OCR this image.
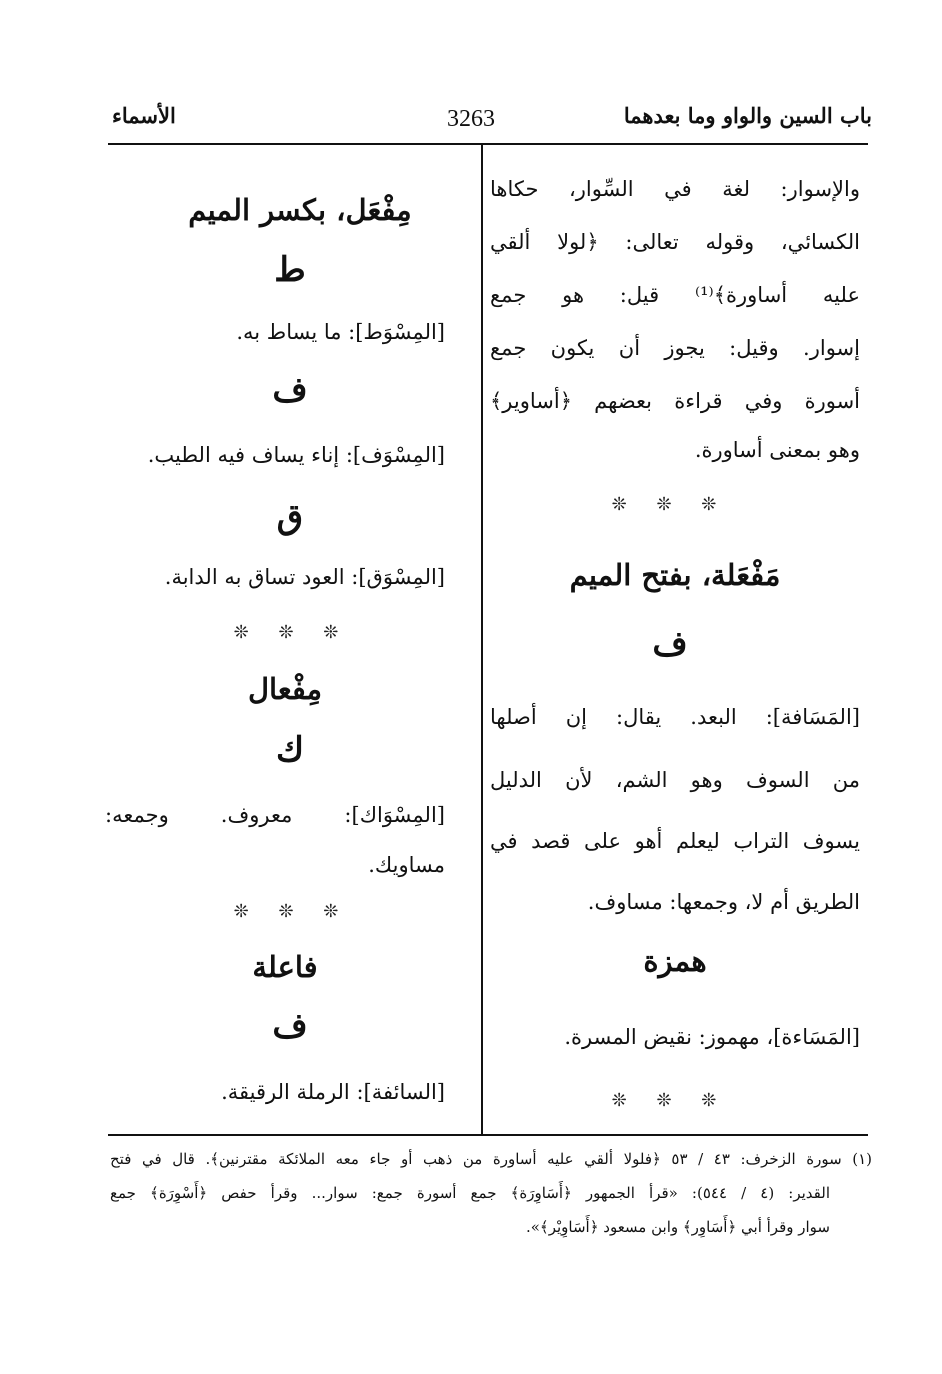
باب السين والواو وما بعدهما
3263
الأسماء
والإسوار: لغة في السِّوار، حكاها
الكسائي، وقوله تعالى: ﴿لولا ألقي
عليه أساورة﴾⁽¹⁾ قيل: هو جمع
إسوار. وقيل: يجوز أن يكون جمع
أسورة وفي قراءة بعضهم ﴿أساوير﴾
وهو بمعنى أساورة.
❊ ❊ ❊
مَفْعَلة، بفتح الميم
ف
[المَسَافة]: البعد. يقال: إن أصلها
من السوف وهو الشم، لأن الدليل
يسوف التراب ليعلم أهو على قصد في
الطريق أم لا، وجمعها: مساوف.
همزة
[المَسَاءة]، مهموز: نقيض المسرة.
❊ ❊ ❊
مِفْعَل، بكسر الميم
ط
[المِسْوَط]: ما يساط به.
ف
[المِسْوَف]: إناء يساف فيه الطيب.
ق
[المِسْوَق]: العود تساق به الدابة.
❊ ❊ ❊
مِفْعال
ك
[المِسْوَاك]: معروف. وجمعه:
مساويك.
❊ ❊ ❊
فاعلة
ف
[السائفة]: الرملة الرقيقة.
(١) سورة الزخرف: ٤٣ / ٥٣ ﴿فلولا ألقي عليه أساورة من ذهب أو جاء معه الملائكة مقترنين﴾. قال في فتح
القدير: (٤ / ٥٤٤): «قرأ الجمهور ﴿أَسَاوِرَة﴾ جمع أسورة جمع: سوار... وقرأ حفص ﴿أَسْوِرَة﴾ جمع
سوار وقرأ أبي ﴿أَسَاوِر﴾ وابن مسعود ﴿أَسَاوِيْر﴾».
